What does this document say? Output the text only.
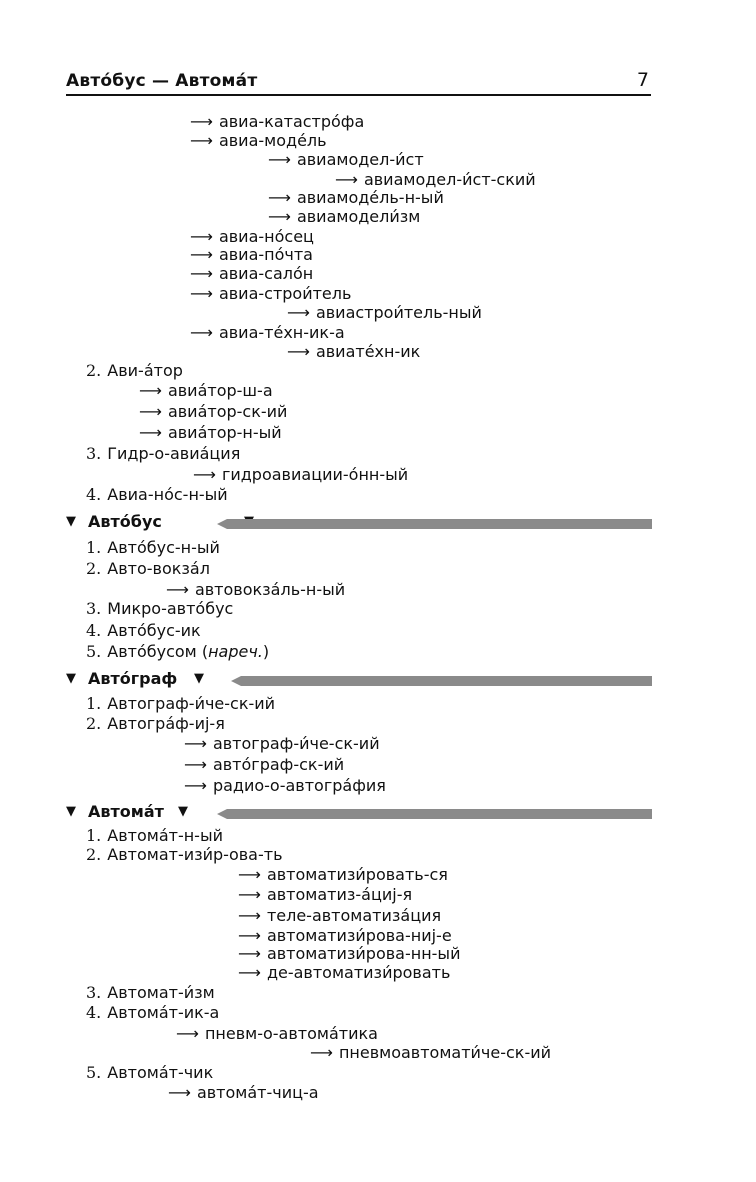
Авто́бус — Автома́т	7
⟶ авиа-катастро́фа
⟶ авиа-моде́ль
⟶ авиамодел-и́ст
⟶ авиамодел-и́ст-ский
⟶ авиамоде́ль-н-ый
⟶ авиамодели́зм
⟶ авиа-но́сец
⟶ авиа-по́чта
⟶ авиа-сало́н
⟶ авиа-строи́тель
⟶ авиастрои́тель-ный
⟶ авиа-те́хн-ик-а
⟶ авиате́хн-ик
2. Ави-а́тор
⟶ авиа́тор-ш-а
⟶ авиа́тор-ск-ий
⟶ авиа́тор-н-ый
3. Гидр-о-авиа́ция
⟶ гидроавиации-о́нн-ый
4. Авиа-но́с-н-ый
▼ Авто́бус
1. Авто́бус-н-ый
2. Авто-вокза́л
⟶ автовокза́ль-н-ый
3. Микро-авто́бус
4. Авто́бус-ик
5. Авто́бусом (нареч.)
▼ Авто́граф ▼
1. Автограф-и́че-ск-ий
2. Автогра́ф-иj-я
⟶ автограф-и́че-ск-ий
⟶ авто́граф-ск-ий
⟶ радио-о-автогра́фия
▼ Автома́т ▼
1. Автома́т-н-ый
2. Автомат-изи́р-ова-ть
⟶ автоматизи́ровать-ся
⟶ автоматиз-а́циj-я
⟶ теле-автоматиза́ция
⟶ автоматизи́рова-ниj-е
⟶ автоматизи́рова-нн-ый
⟶ де-автоматизи́ровать
3. Автомат-и́зм
4. Автома́т-ик-а
⟶ пневм-о-автома́тика
⟶ пневмоавтомати́че-ск-ий
5. Автома́т-чик
⟶ автома́т-чиц-а
